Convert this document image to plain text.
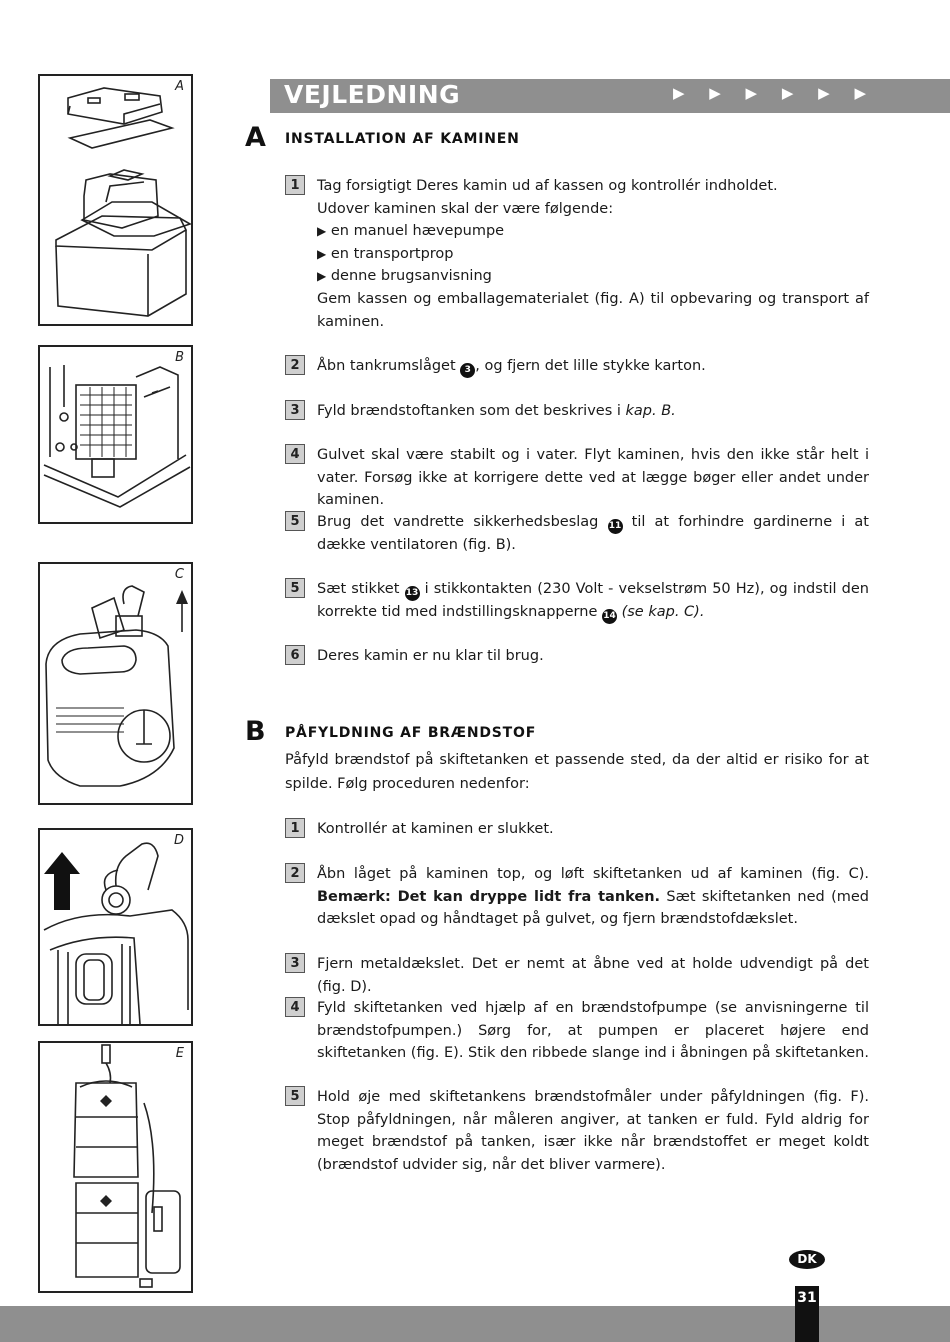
A
B
C
D
E
VEJLEDNING	▶ ▶ ▶ ▶ ▶ ▶
A INSTALLATION AF KAMINEN
1	Tag forsigtigt Deres kamin ud af kassen og kontrollér indholdet.
Udover kaminen skal der være følgende:
▶ en manuel hævepumpe
▶ en transportprop
▶ denne brugsanvisning
Gem kassen og emballagematerialet (fig. A) til opbevaring og transport af kaminen.
2	Åbn tankrumslåget 3 , og fjern det lille stykke karton.
3	Fyld brændstoftanken som det beskrives i kap. B.
4	Gulvet skal være stabilt og i vater. Flyt kaminen, hvis den ikke står helt i vater. Forsøg ikke at korrigere dette ved at lægge bøger eller andet under kaminen.
5	Brug det vandrette sikkerhedsbeslag 11 til at forhindre gardinerne i at dække ventilatoren (fig. B).
5	Sæt stikket 13 i stikkontakten (230 Volt - vekselstrøm 50 Hz), og indstil den korrekte tid med indstillingsknapperne 14 (se kap. C).
6	Deres kamin er nu klar til brug.
B PÅFYLDNING AF BRÆNDSTOF
Påfyld brændstof på skiftetanken et passende sted, da der altid er risiko for at spilde. Følg proceduren nedenfor:
1	Kontrollér at kaminen er slukket.
2	Åbn låget på kaminen top, og løft skiftetanken ud af kaminen (fig. C). Bemærk: Det kan dryppe lidt fra tanken. Sæt skiftetanken ned (med dækslet opad og håndtaget på gulvet, og fjern brændstofdækslet.
3	Fjern metaldækslet. Det er nemt at åbne ved at holde udvendigt på det (fig. D).
4	Fyld skiftetanken ved hjælp af en brændstofpumpe (se anvisningerne til brændstofpumpen.) Sørg for, at pumpen er placeret højere end skiftetanken (fig. E). Stik den ribbede slange ind i åbningen på skiftetanken.
5	Hold øje med skiftetankens brændstofmåler under påfyldningen (fig. F). Stop påfyldningen, når måleren angiver, at tanken er fuld. Fyld aldrig for meget brændstof på tanken, især ikke når brændstoffet er meget koldt (brændstof udvider sig, når det bliver varmere).
DK
31
